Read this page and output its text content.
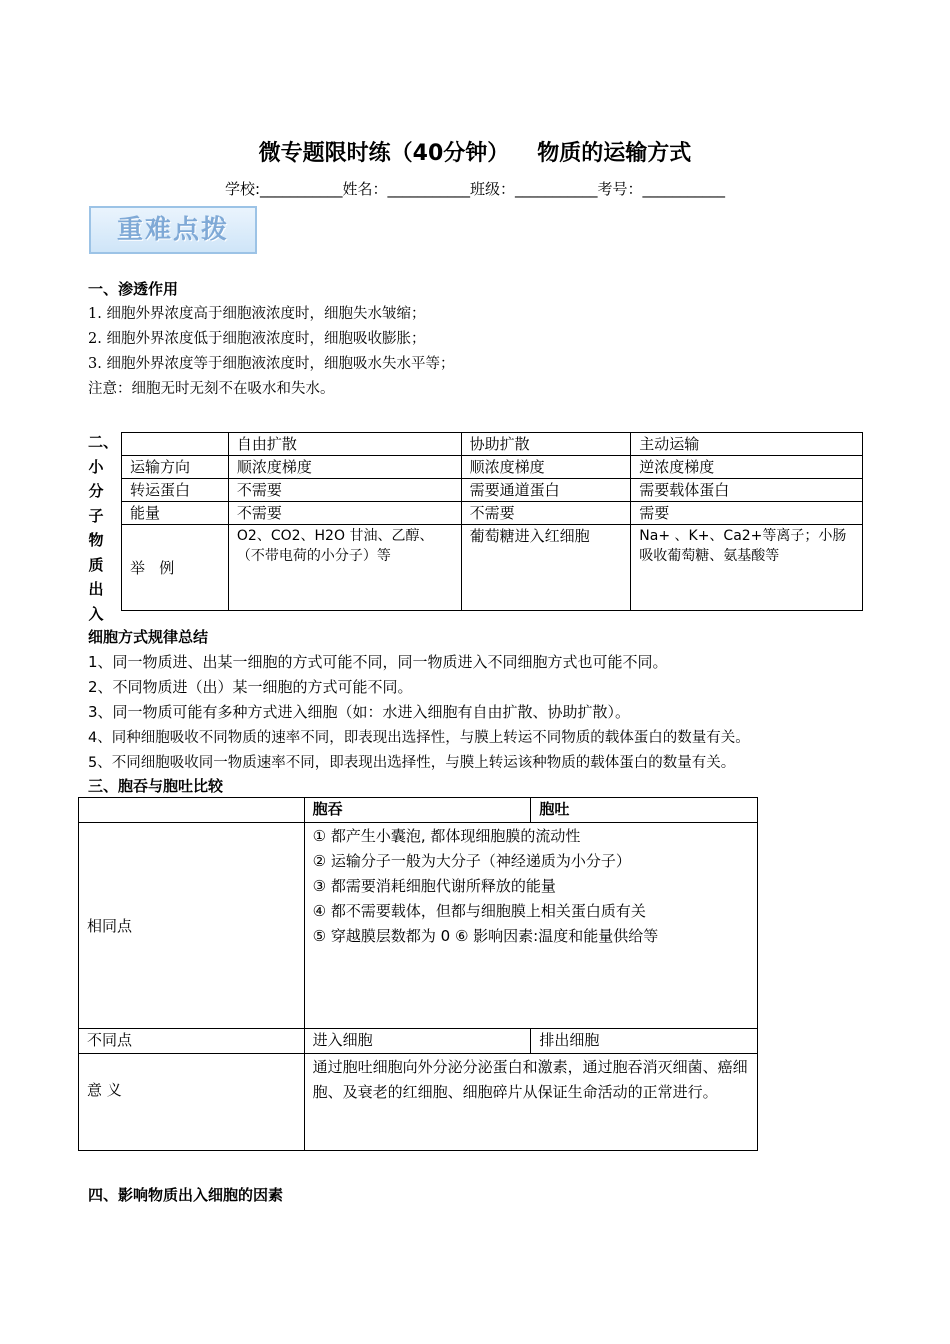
微专题限时练（40分钟） 物质的运输方式
学校:___________姓名：___________班级：___________考号：___________
重难点拨
一、渗透作用
1. 细胞外界浓度高于细胞液浓度时，细胞失水皱缩；
2. 细胞外界浓度低于细胞液浓度时，细胞吸收膨胀；
3. 细胞外界浓度等于细胞液浓度时，细胞吸水失水平等；
注意：细胞无时无刻不在吸水和失水。
二、
小
分
子
物
质
出
入
	自由扩散	协助扩散	主动运输
运输方向	顺浓度梯度	顺浓度梯度	逆浓度梯度
转运蛋白	不需要	需要通道蛋白	需要载体蛋白
能量	不需要	不需要	需要
举   例	O2、CO2、H2O 甘油、乙醇、（不带电荷的小分子）等	葡萄糖进入红细胞	Na+ 、K+、Ca2+等离子；小肠吸收葡萄糖、氨基酸等
细胞方式规律总结
1、同一物质进、出某一细胞的方式可能不同，同一物质进入不同细胞方式也可能不同。
2、不同物质进（出）某一细胞的方式可能不同。
3、同一物质可能有多种方式进入细胞（如：水进入细胞有自由扩散、协助扩散）。
4、同种细胞吸收不同物质的速率不同，即表现出选择性，与膜上转运不同物质的载体蛋白的数量有关。
5、不同细胞吸收同一物质速率不同，即表现出选择性，与膜上转运该种物质的载体蛋白的数量有关。
三、胞吞与胞吐比较
	胞吞	胞吐
相同点	① 都产生小囊泡, 都体现细胞膜的流动性
② 运输分子一般为大分子（神经递质为小分子）
③ 都需要消耗细胞代谢所释放的能量
④ 都不需要载体，但都与细胞膜上相关蛋白质有关
⑤ 穿越膜层数都为 0 ⑥ 影响因素:温度和能量供给等	

不同点	进入细胞	排出细胞
意 义	通过胞吐细胞向外分泌分泌蛋白和激素，通过胞吞消灭细菌、癌细胞、及衰老的红细胞、细胞碎片从保证生命活动的正常进行。	
四、影响物质出入细胞的因素
